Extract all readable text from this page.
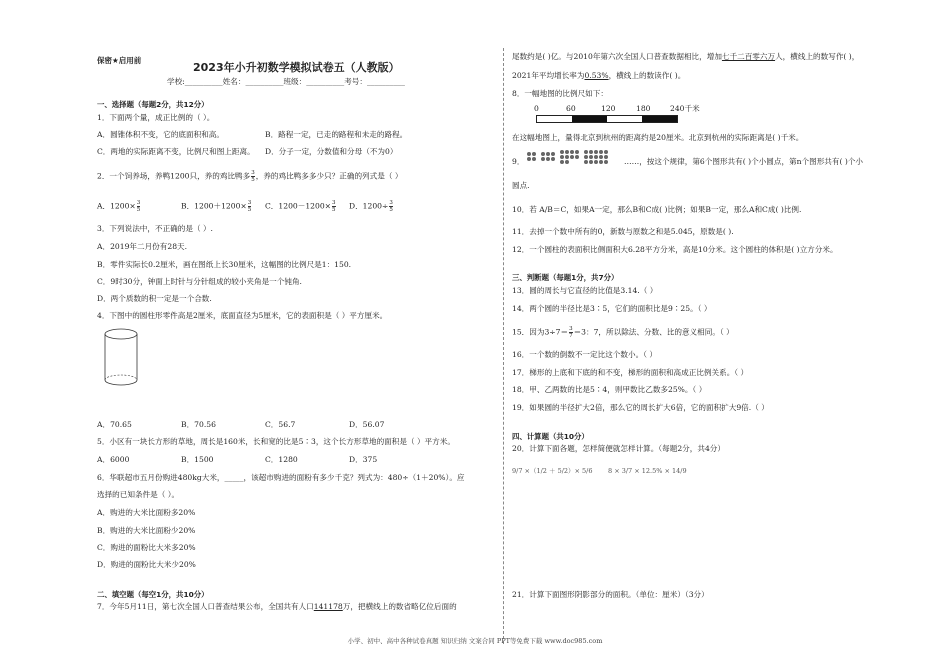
保密★启用前
2023年小升初数学模拟试卷五（人教版）
学校:__________姓名：__________班级：__________考号：__________
一、选择题（每题2分，共12分）
1．下面两个量，成正比例的（ ）。
A．圆锥体积不变，它的底面积和高。	B．路程一定，已走的路程和未走的路程。
C．两地的实际距离不变，比例尺和图上距离。 D．分子一定，分数值和分母（不为0）
2．一个饲养场，养鸭1200只，养的鸡比鸭多 $\frac{3}{5}$ ，养的鸡比鸭多多少只？正确的列式是（ ）
A．$1200\times \frac{3}{5}$	B．$1200+1200\times \frac{3}{5}$ C．$1200-1200\times \frac{3}{5}$ D．$1200\div \frac{3}{5}$
3．下列说法中，不正确的是（ ）.
A．2019年二月份有28天.
B．零件实际长0.2厘米，画在图纸上长30厘米，这幅图的比例尺是1：150.
C．9时30分，钟面上时针与分针组成的较小夹角是一个钝角.
D．两个质数的积一定是一个合数.
4．下图中的圆柱形零件高是2厘米，底面直径为5厘米，它的表面积是（ ）平方厘米。
A．70.65	B．70.56	C．56.7	D．56.07
5．小区有一块长方形的草地，周长是160米，长和宽的比是5∶3，这个长方形草地的面积是（ ）平方米。
A．6000	B．1500	C．1280	D．375
6．华联超市五月份购进480kg大米，_____，该超市购进的面粉有多少千克？列式为：480÷（1＋20%）。应
选择的已知条件是（ ）。
A．购进的大米比面粉多20%
B．购进的大米比面粉少20%
C．购进的面粉比大米多20%
D．购进的面粉比大米少20%
二、填空题（每空1分，共10分）
7．今年5月11日，第七次全国人口普查结果公布，全国共有人口141178万，把横线上的数省略亿位后面的
尾数约是( )亿。与2010年第六次全国人口普查数据相比，增加七千二百零六万人，横线上的数写作( )，
2021年平均增长率为0.53%，横线上的数读作( )。
8．一幅地图的比例尺如下：
0	60	120	180	240千米
在这幅地图上，量得北京到杭州的距离约是20厘米。北京到杭州的实际距离是( )千米。
9．	……，按这个规律，第6个图形共有( )个小圆点，第n个图形共有( )个小
圆点.
10．若 A/B＝C，如果A一定，那么B和C成( )比例；如果B一定，那么A和C成( )比例.
11．去掉一个数中所有的0，新数与原数之和是5.045，原数是( ).
12．一个圆柱的表面积比侧面积大6.28平方分米，高是10分米。这个圆柱的体积是( )立方分米。
三、判断题（每题1分，共7分）
13．圆的周长与它直径的比值是3.14.（ ）
14．两个圆的半径比是3∶5，它们的面积比是9∶25。（ ）
15．因为$3\div 7= \frac{3}{7} =3$：7，所以除法、分数、比的意义相同。（ ）
16．一个数的倒数不一定比这个数小。（ ）
17．梯形的上底和下底的和不变，梯形的面积和高成正比例关系。（ ）
18．甲、乙两数的比是5∶4，则甲数比乙数多25%。（ ）
19．如果圆的半径扩大2倍，那么它的周长扩大6倍，它的面积扩大9倍.（ ）
四、计算题（共10分）
20．计算下面各题，怎样简便就怎样计算。（每题2分，共4分）
9/7 ×（1/2 ＋ 5/2）× 5/6 8 × 3/7 × 12.5% × 14/9
21．计算下面图形阴影部分的面积。（单位：厘米）（3分）
小学、初中、高中各种试卷真题 知识归纳 文案合同 PPT等免费下载 www.doc985.com
